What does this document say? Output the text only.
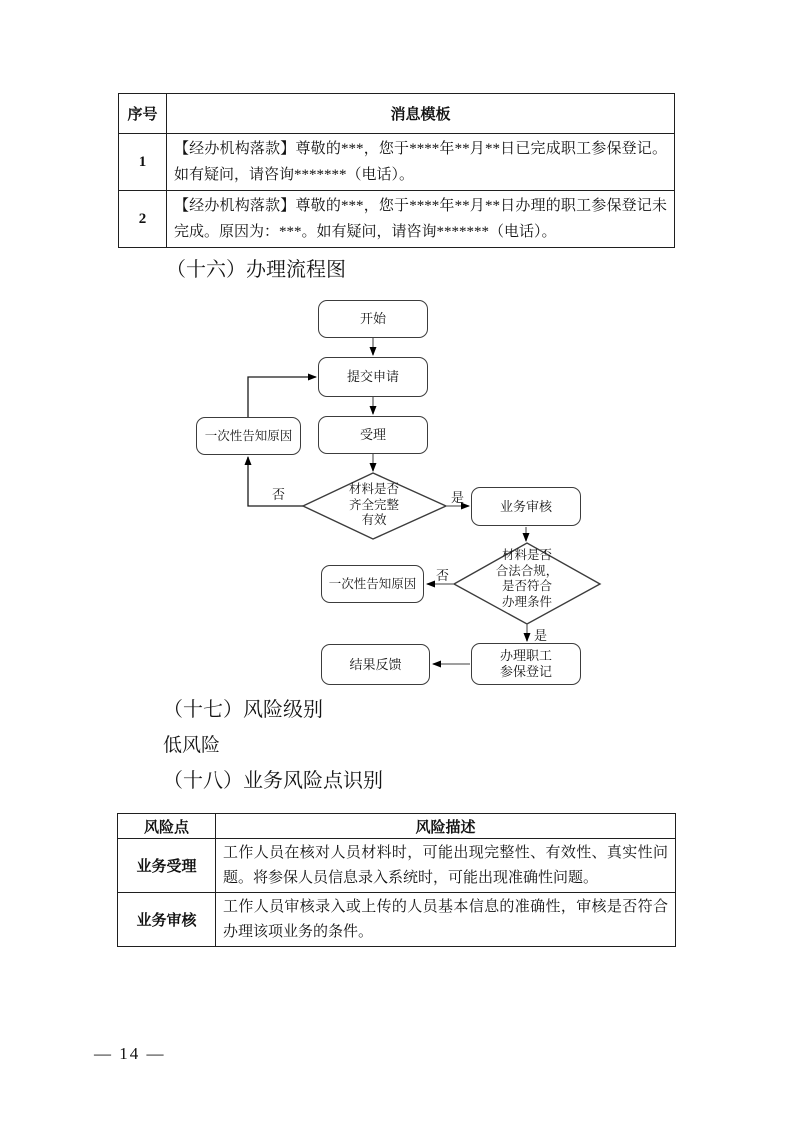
序号	消息模板
1	【经办机构落款】尊敬的***，您于****年**月**日已完成职工参保登记。如有疑问，请咨询*******（电话）。
2	【经办机构落款】尊敬的***，您于****年**月**日办理的职工参保登记未完成。原因为：***。如有疑问，请咨询*******（电话）。
（十六）办理流程图
开始
提交申请
一次性告知原因	受理
材料是否
齐全完整
有效
业务审核
材料是否
合法合规，
是否符合
办理条件
一次性告知原因
办理职工
参保登记
结果反馈
否	是
否
是
（十七）风险级别
低风险
（十八）业务风险点识别
风险点	风险描述
业务受理	工作人员在核对人员材料时，可能出现完整性、有效性、真实性问题。将参保人员信息录入系统时，可能出现准确性问题。
业务审核	工作人员审核录入或上传的人员基本信息的准确性，审核是否符合办理该项业务的条件。
— 14 —
